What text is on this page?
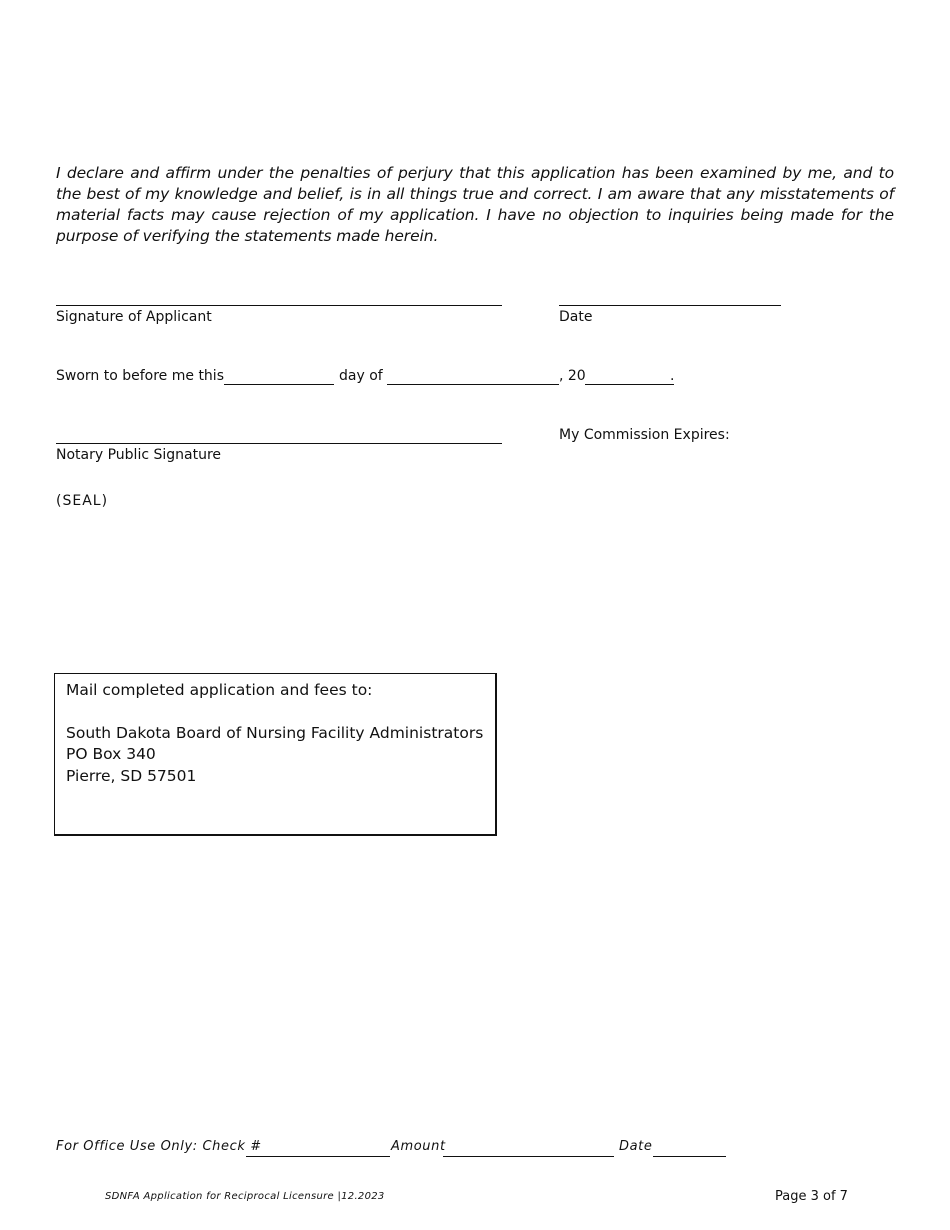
I declare and affirm under the penalties of perjury that this application has been examined by me, and to the best of my knowledge and belief, is in all things true and correct. I am aware that any misstatements of material facts may cause rejection of my application. I have no objection to inquiries being made for the purpose of verifying the statements made herein.

Signature of Applicant	Date
Sworn to before me this	day of	, 20	.
Notary Public Signature
My Commission Expires:
(SEAL)
Mail completed application and fees to:
South Dakota Board of Nursing Facility Administrators
PO Box 340
Pierre, SD 57501
For Office Use Only: Check #	Amount	Date
SDNFA Application for Reciprocal Licensure |12.2023	Page 3 of 7
